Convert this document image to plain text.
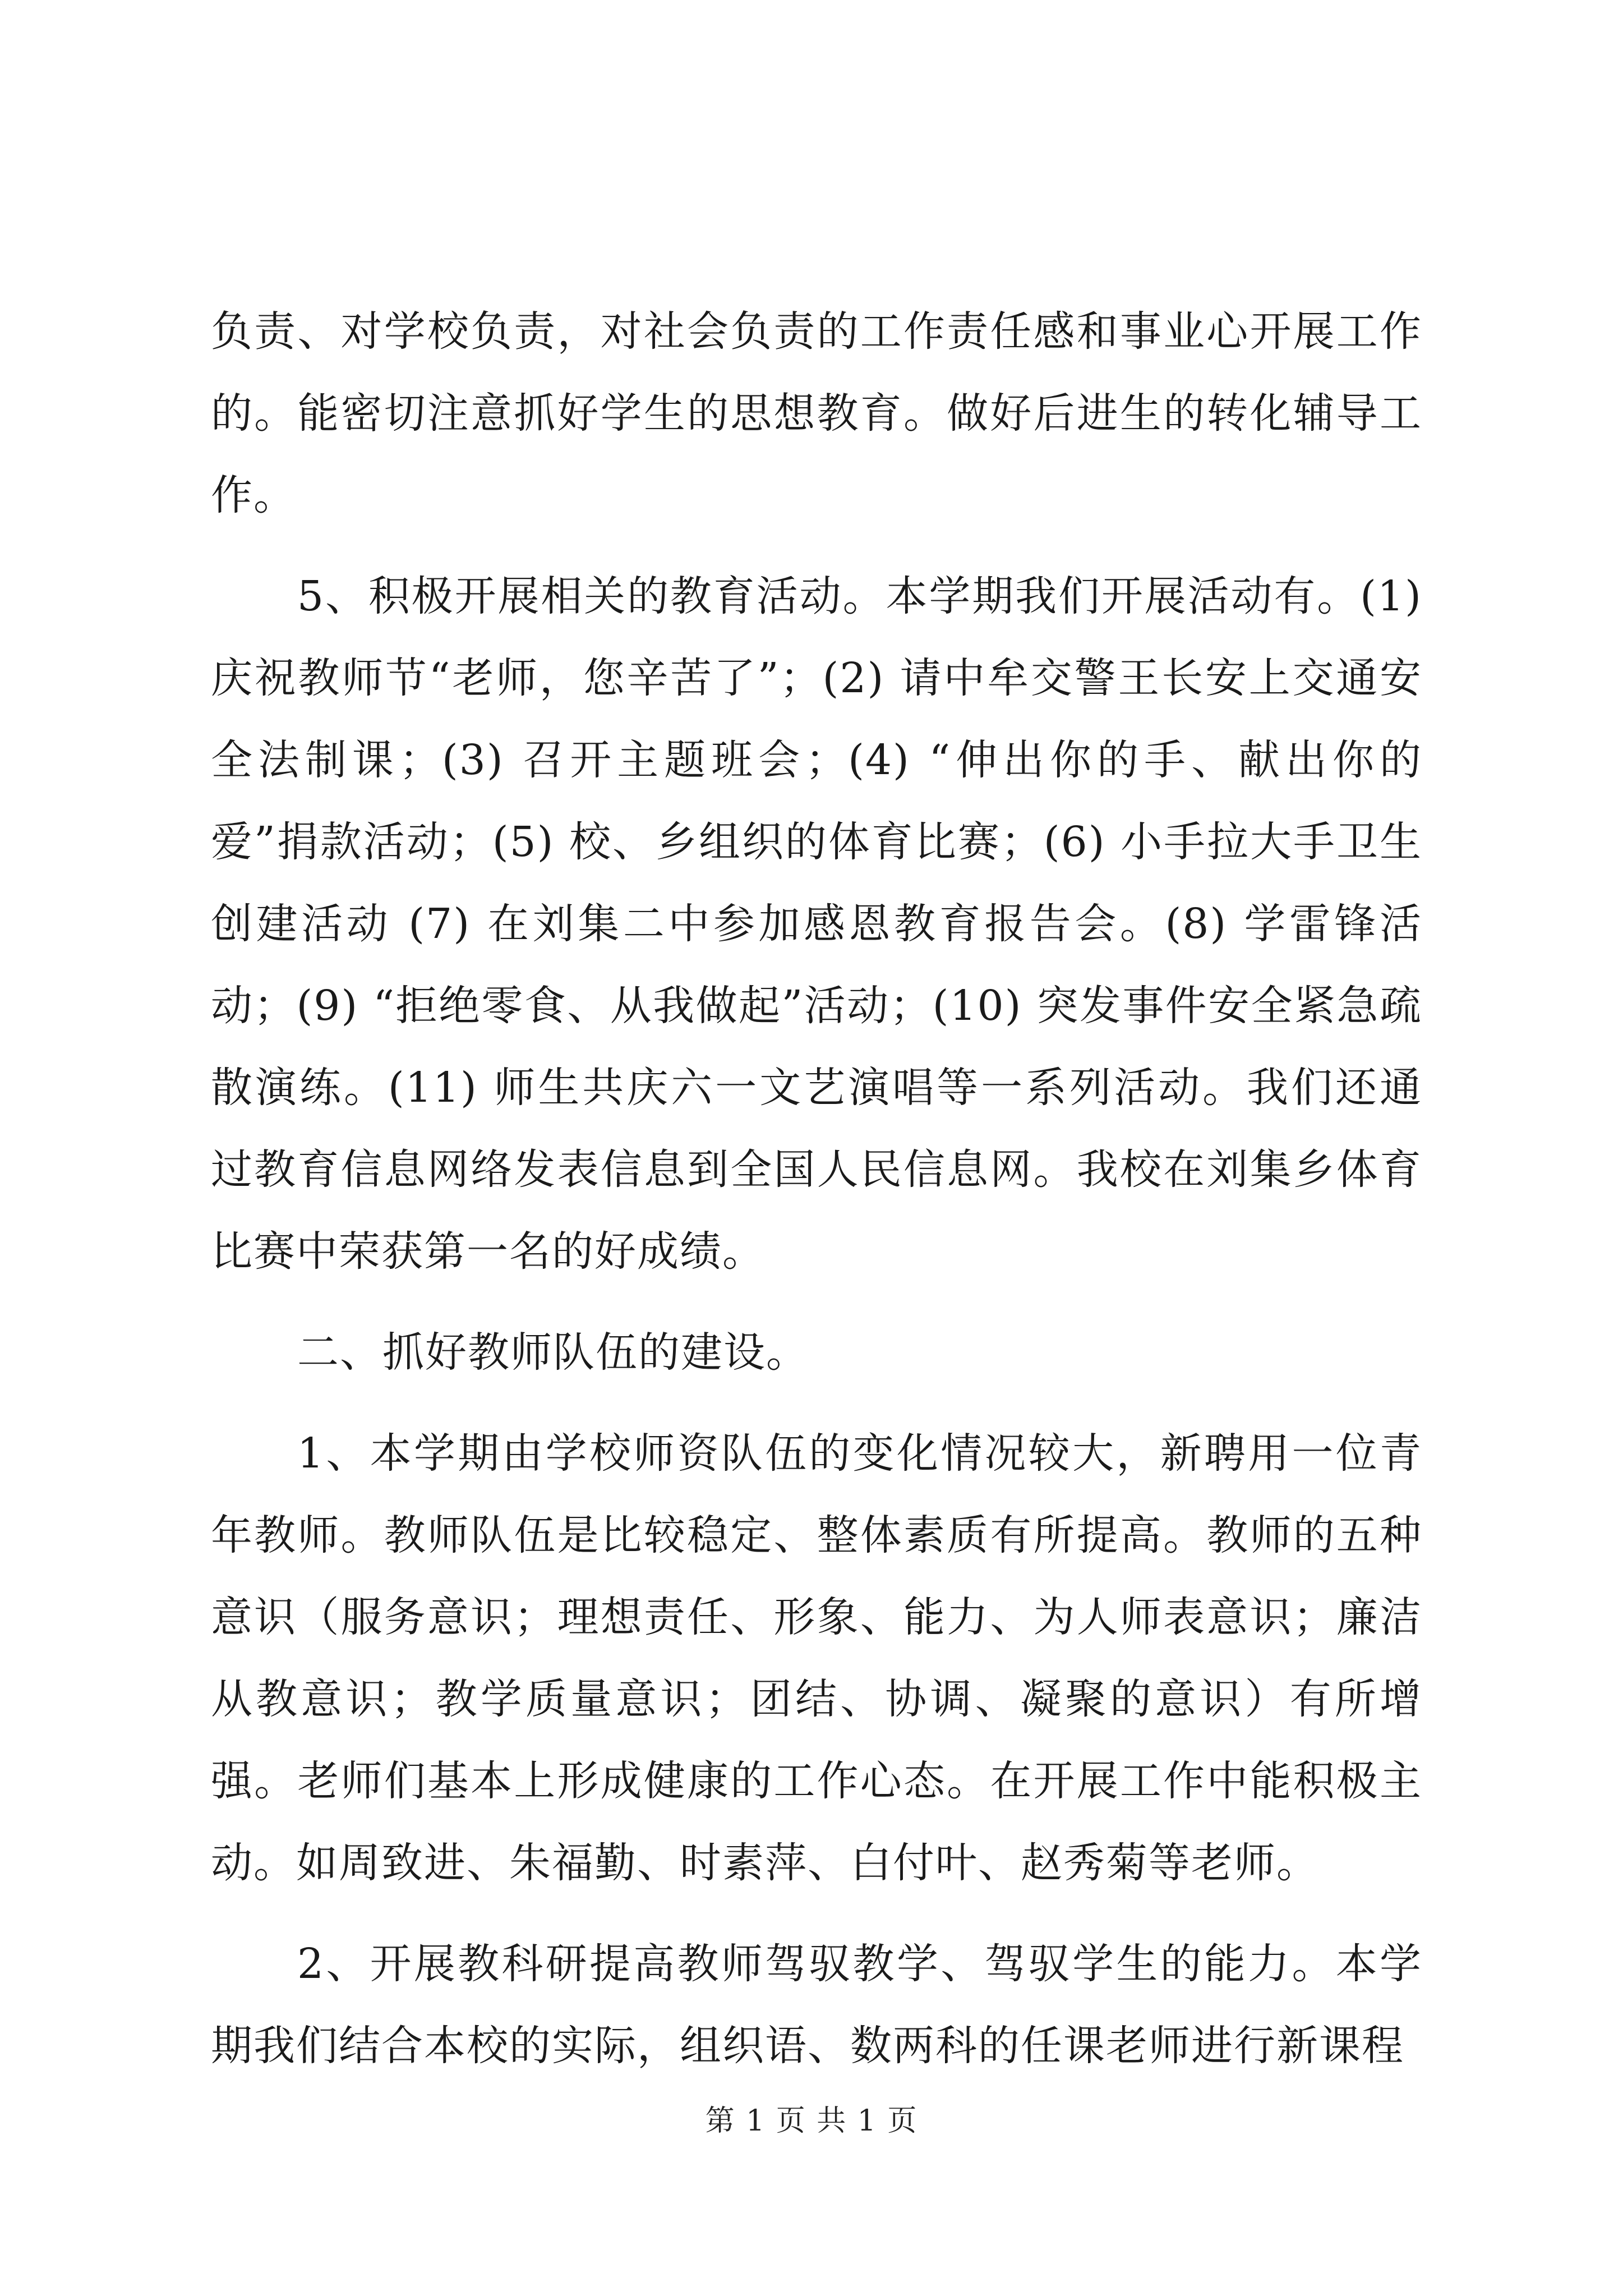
负责、对学校负责，对社会负责的工作责任感和事业心开展工作的。能密切注意抓好学生的思想教育。做好后进生的转化辅导工作。

5、积极开展相关的教育活动。本学期我们开展活动有。(1) 庆祝教师节“老师，您辛苦了”；(2) 请中牟交警王长安上交通安全法制课；(3) 召开主题班会；(4) “伸出你的手、献出你的爱”捐款活动；(5) 校、乡组织的体育比赛；(6) 小手拉大手卫生创建活动 (7) 在刘集二中参加感恩教育报告会。(8) 学雷锋活动；(9) “拒绝零食、从我做起”活动；(10) 突发事件安全紧急疏散演练。(11) 师生共庆六一文艺演唱等一系列活动。我们还通过教育信息网络发表信息到全国人民信息网。我校在刘集乡体育比赛中荣获第一名的好成绩。

二、抓好教师队伍的建设。

1、本学期由学校师资队伍的变化情况较大，新聘用一位青年教师。教师队伍是比较稳定、整体素质有所提高。教师的五种意识（服务意识；理想责任、形象、能力、为人师表意识；廉洁从教意识；教学质量意识；团结、协调、凝聚的意识）有所增强。老师们基本上形成健康的工作心态。在开展工作中能积极主动。如周致进、朱福勤、时素萍、白付叶、赵秀菊等老师。

2、开展教科研提高教师驾驭教学、驾驭学生的能力。本学期我们结合本校的实际，组织语、数两科的任课老师进行新课程

第 1 页 共 1 页
